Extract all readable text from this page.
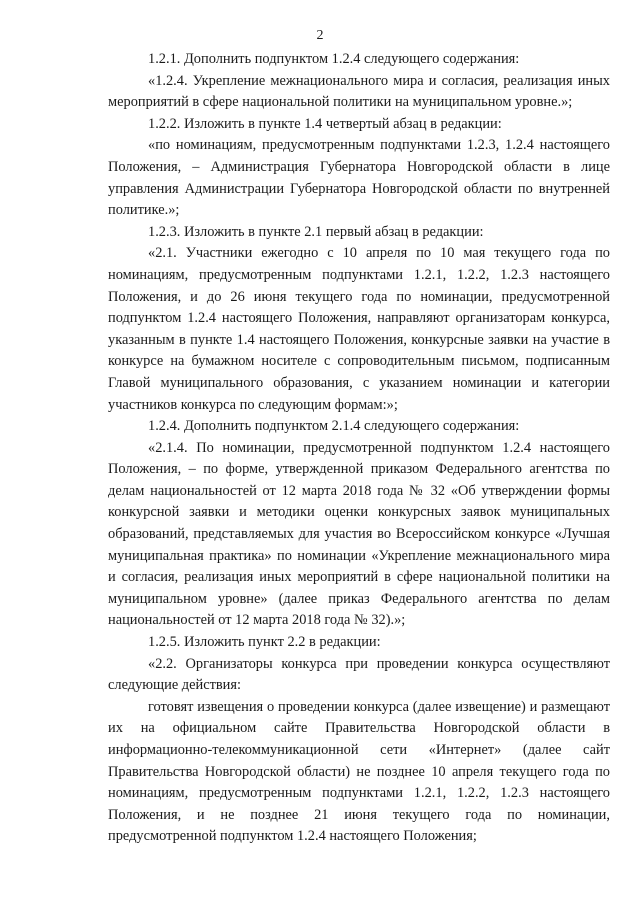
2

1.2.1. Дополнить подпунктом 1.2.4 следующего содержания:

«1.2.4. Укрепление межнационального мира и согласия, реализация иных мероприятий в сфере национальной политики на муниципальном уровне.»;

1.2.2. Изложить в пункте 1.4 четвертый абзац в редакции:

«по номинациям, предусмотренным подпунктами 1.2.3, 1.2.4 настоящего Положения, – Администрация Губернатора Новгородской области в лице управления Администрации Губернатора Новгородской области по внутренней политике.»;

1.2.3. Изложить в пункте 2.1 первый абзац в редакции:

«2.1. Участники ежегодно с 10 апреля по 10 мая текущего года по номинациям, предусмотренным подпунктами 1.2.1, 1.2.2, 1.2.3 настоящего Положения, и до 26 июня текущего года по номинации, предусмотренной подпунктом 1.2.4 настоящего Положения, направляют организаторам конкурса, указанным в пункте 1.4 настоящего Положения, конкурсные заявки на участие в конкурсе на бумажном носителе с сопроводительным письмом, подписанным Главой муниципального образования, с указанием номинации и категории участников конкурса по следующим формам:»;

1.2.4. Дополнить подпунктом 2.1.4 следующего содержания:

«2.1.4. По номинации, предусмотренной подпунктом 1.2.4 настоящего Положения, – по форме, утвержденной приказом Федерального агентства по делам национальностей от 12 марта 2018 года № 32 «Об утверждении формы конкурсной заявки и методики оценки конкурсных заявок муниципальных образований, представляемых для участия во Всероссийском конкурсе «Лучшая муниципальная практика» по номинации «Укрепление межнационального мира и согласия, реализация иных мероприятий в сфере национальной политики на муниципальном уровне» (далее приказ Федерального агентства по делам национальностей от 12 марта 2018 года № 32).»;

1.2.5. Изложить пункт 2.2 в редакции:

«2.2. Организаторы конкурса при проведении конкурса осуществляют следующие действия:

готовят извещения о проведении конкурса (далее извещение) и размещают их на официальном сайте Правительства Новгородской области в информационно-телекоммуникационной сети «Интернет» (далее сайт Правительства Новгородской области) не позднее 10 апреля текущего года по номинациям, предусмотренным подпунктами 1.2.1, 1.2.2, 1.2.3 настоящего Положения, и не позднее 21 июня текущего года по номинации, предусмотренной подпунктом 1.2.4 настоящего Положения;
